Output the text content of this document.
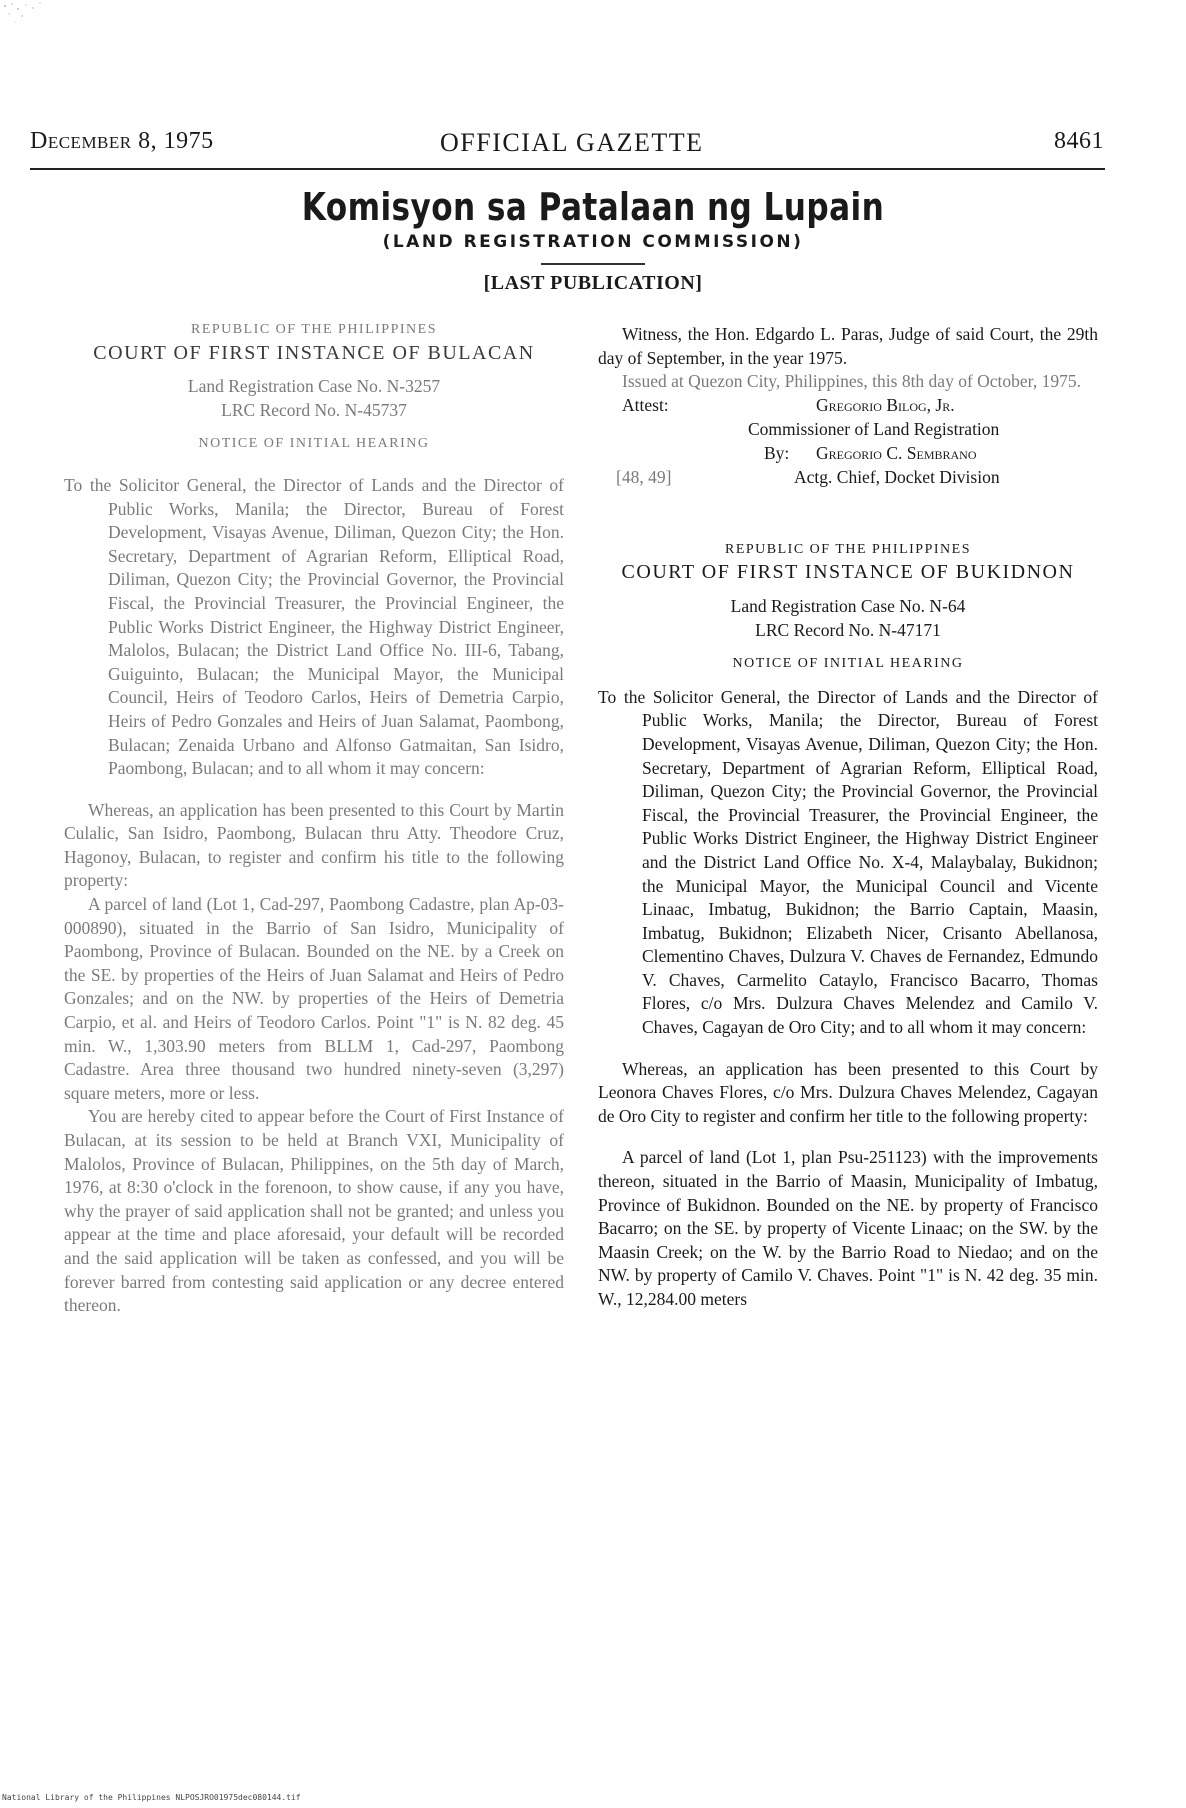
December 8, 1975	OFFICIAL GAZETTE	8461
Komisyon sa Patalaan ng Lupain
(LAND REGISTRATION COMMISSION)
[LAST PUBLICATION]

REPUBLIC OF THE PHILIPPINES

COURT OF FIRST INSTANCE OF BULACAN

Land Registration Case No. N-3257

LRC Record No. N-45737

NOTICE OF INITIAL HEARING

To the Solicitor General, the Director of Lands and the Director of Public Works, Manila; the Director, Bureau of Forest Development, Visayas Avenue, Diliman, Quezon City; the Hon. Secretary, Department of Agrarian Reform, Elliptical Road, Diliman, Quezon City; the Provincial Governor, the Provincial Fiscal, the Provincial Treasurer, the Provincial Engineer, the Public Works District Engineer, the Highway District Engineer, Malolos, Bulacan; the District Land Office No. III-6, Tabang, Guiguinto, Bulacan; the Municipal Mayor, the Municipal Council, Heirs of Teodoro Carlos, Heirs of Demetria Carpio, Heirs of Pedro Gonzales and Heirs of Juan Salamat, Paombong, Bulacan; Zenaida Urbano and Alfonso Gatmaitan, San Isidro, Paombong, Bulacan; and to all whom it may concern:

Whereas, an application has been presented to this Court by Martin Culalic, San Isidro, Paombong, Bulacan thru Atty. Theodore Cruz, Hagonoy, Bulacan, to register and confirm his title to the following property:

A parcel of land (Lot 1, Cad-297, Paombong Cadastre, plan Ap-03-000890), situated in the Barrio of San Isidro, Municipality of Paombong, Province of Bulacan. Bounded on the NE. by a Creek on the SE. by properties of the Heirs of Juan Salamat and Heirs of Pedro Gonzales; and on the NW. by properties of the Heirs of Demetria Carpio, et al. and Heirs of Teodoro Carlos. Point "1" is N. 82 deg. 45 min. W., 1,303.90 meters from BLLM 1, Cad-297, Paombong Cadastre. Area three thousand two hundred ninety-seven (3,297) square meters, more or less.

You are hereby cited to appear before the Court of First Instance of Bulacan, at its session to be held at Branch VXI, Municipality of Malolos, Province of Bulacan, Philippines, on the 5th day of March, 1976, at 8:30 o'clock in the forenoon, to show cause, if any you have, why the prayer of said application shall not be granted; and unless you appear at the time and place aforesaid, your default will be recorded and the said application will be taken as confessed, and you will be forever barred from contesting said application or any decree entered thereon.

Witness, the Hon. Edgardo L. Paras, Judge of said Court, the 29th day of September, in the year 1975.

Issued at Quezon City, Philippines, this 8th day of October, 1975.

Attest:	Gregorio Bilog, Jr.
Commissioner of Land Registration
By: Gregorio C. Sembrano
[48, 49]	Actg. Chief, Docket Division

REPUBLIC OF THE PHILIPPINES

COURT OF FIRST INSTANCE OF BUKIDNON

Land Registration Case No. N-64

LRC Record No. N-47171

NOTICE OF INITIAL HEARING

To the Solicitor General, the Director of Lands and the Director of Public Works, Manila; the Director, Bureau of Forest Development, Visayas Avenue, Diliman, Quezon City; the Hon. Secretary, Department of Agrarian Reform, Elliptical Road, Diliman, Quezon City; the Provincial Governor, the Provincial Fiscal, the Provincial Treasurer, the Provincial Engineer, the Public Works District Engineer, the Highway District Engineer and the District Land Office No. X-4, Malaybalay, Bukidnon; the Municipal Mayor, the Municipal Council and Vicente Linaac, Imbatug, Bukidnon; the Barrio Captain, Maasin, Imbatug, Bukidnon; Elizabeth Nicer, Crisanto Abellanosa, Clementino Chaves, Dulzura V. Chaves de Fernandez, Edmundo V. Chaves, Carmelito Cataylo, Francisco Bacarro, Thomas Flores, c/o Mrs. Dulzura Chaves Melendez and Camilo V. Chaves, Cagayan de Oro City; and to all whom it may concern:

Whereas, an application has been presented to this Court by Leonora Chaves Flores, c/o Mrs. Dulzura Chaves Melendez, Cagayan de Oro City to register and confirm her title to the following property:

A parcel of land (Lot 1, plan Psu-251123) with the improvements thereon, situated in the Barrio of Maasin, Municipality of Imbatug, Province of Bukidnon. Bounded on the NE. by property of Francisco Bacarro; on the SE. by property of Vicente Linaac; on the SW. by the Maasin Creek; on the W. by the Barrio Road to Niedao; and on the NW. by property of Camilo V. Chaves. Point "1" is N. 42 deg. 35 min. W., 12,284.00 meters

National Library of the Philippines NLPOSJRO01975dec080144.tif
